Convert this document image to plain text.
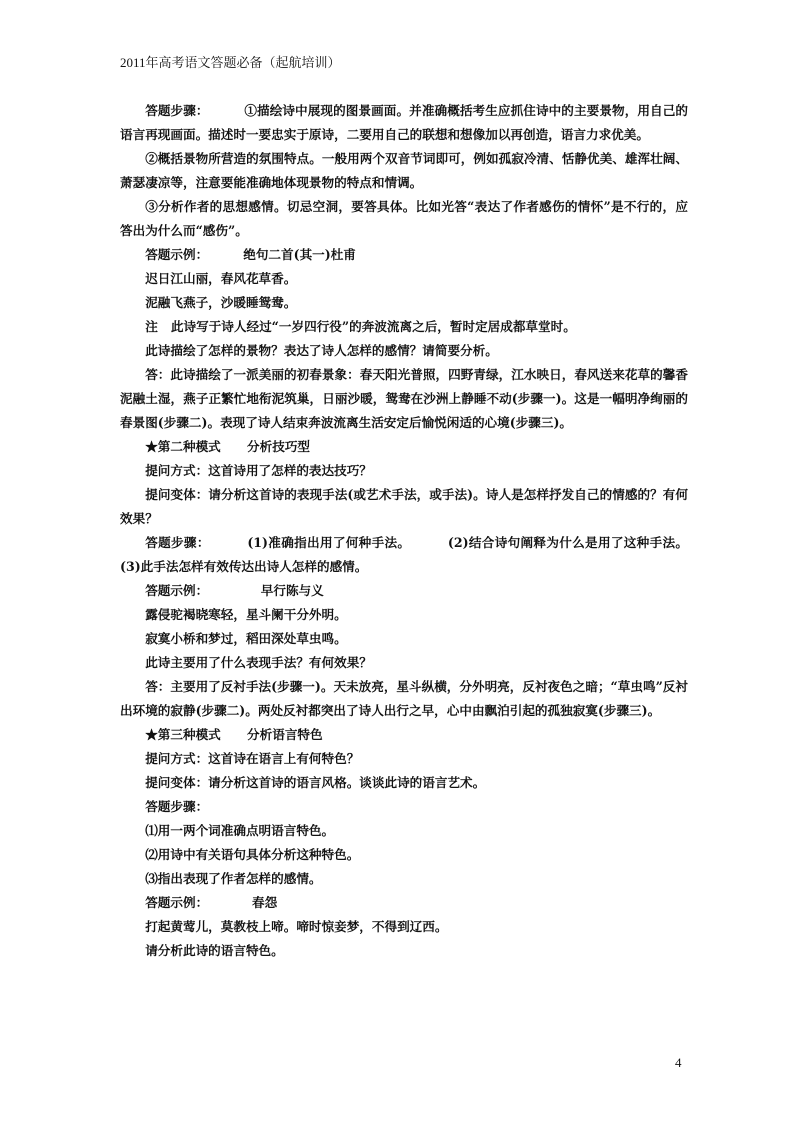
2011年高考语文答题必备（起航培训）

答题步骤：        ①描绘诗中展现的图景画面。并准确概括考生应抓住诗中的主要景物，用自己的语言再现画面。描述时一要忠实于原诗，二要用自己的联想和想像加以再创造，语言力求优美。

②概括景物所营造的氛围特点。一般用两个双音节词即可，例如孤寂冷清、恬静优美、雄浑壮阔、萧瑟凄凉等，注意要能准确地体现景物的特点和情调。

③分析作者的思想感情。切忌空洞，要答具体。比如光答“表达了作者感伤的情怀”是不行的，应答出为什么而“感伤”。

答题示例：        绝句二首(其一)杜甫

迟日江山丽，春风花草香。

泥融飞燕子，沙暖睡鸳鸯。

注   此诗写于诗人经过“一岁四行役”的奔波流离之后，暂时定居成都草堂时。

此诗描绘了怎样的景物？表达了诗人怎样的感情？请简要分析。

答：此诗描绘了一派美丽的初春景象：春天阳光普照，四野青绿，江水映日，春风送来花草的馨香泥融土湿，燕子正繁忙地衔泥筑巢，日丽沙暖，鸳鸯在沙洲上静睡不动(步骤一)。这是一幅明净绚丽的春景图(步骤二)。表现了诗人结束奔波流离生活安定后愉悦闲适的心境(步骤三)。

★第二种模式      分析技巧型

提问方式：这首诗用了怎样的表达技巧？

提问变体：请分析这首诗的表现手法(或艺术手法，或手法)。诗人是怎样抒发自己的情感的？有何效果？

答题步骤：        (1)准确指出用了何种手法。        (2)结合诗句阐释为什么是用了这种手法。(3)此手法怎样有效传达出诗人怎样的感情。

答题示例：            早行陈与义

露侵驼褐晓寒轻，星斗阑干分外明。

寂寞小桥和梦过，稻田深处草虫鸣。

此诗主要用了什么表现手法？有何效果？

答：主要用了反衬手法(步骤一)。天未放亮，星斗纵横，分外明亮，反衬夜色之暗；“草虫鸣”反衬出环境的寂静(步骤二)。两处反衬都突出了诗人出行之早，心中由飘泊引起的孤独寂寞(步骤三)。

★第三种模式      分析语言特色

提问方式：这首诗在语言上有何特色？

提问变体：请分析这首诗的语言风格。谈谈此诗的语言艺术。

答题步骤：

⑴用一两个词准确点明语言特色。

⑵用诗中有关语句具体分析这种特色。

⑶指出表现了作者怎样的感情。

答题示例：          春怨

打起黄莺儿，莫教枝上啼。啼时惊妾梦，不得到辽西。

请分析此诗的语言特色。

4
